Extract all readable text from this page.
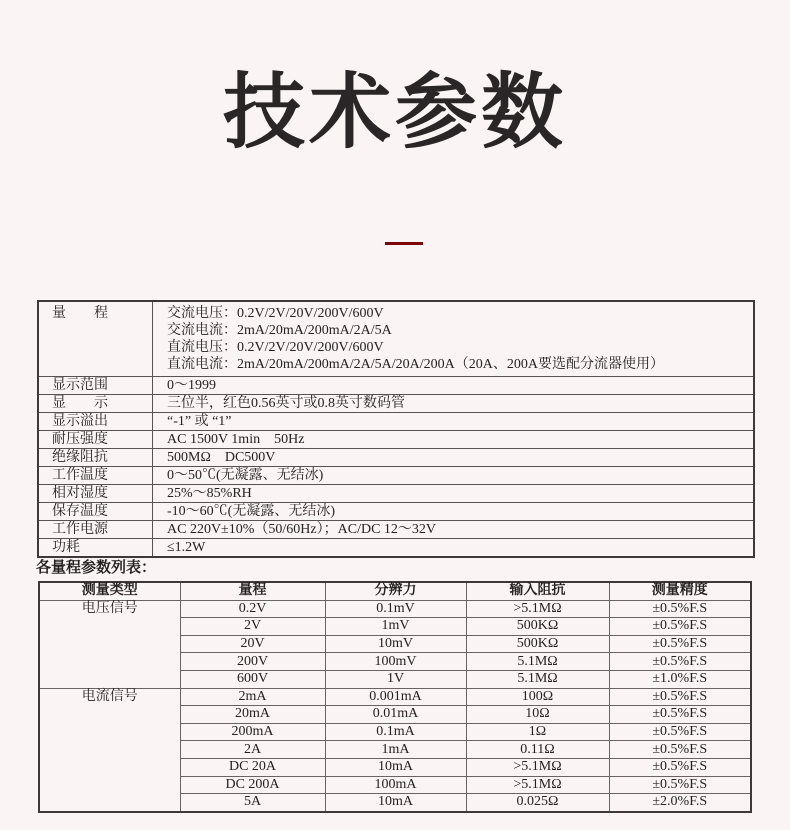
技术参数
量　　程	交流电压：0.2V/2V/20V/200V/600V
交流电流：2mA/20mA/200mA/2A/5A
直流电压：0.2V/2V/20V/200V/600V
直流电流：2mA/20mA/200mA/2A/5A/20A/200A（20A、200A要选配分流器使用）

显示范围	0～1999
显　　示	三位半，红色0.56英寸或0.8英寸数码管
显示溢出	“-1” 或 “1”
耐压强度	AC 1500V 1min　50Hz
绝缘阻抗	500MΩ　DC500V
工作温度	0～50℃(无凝露、无结冰)
相对湿度	25%～85%RH
保存温度	-10～60℃(无凝露、无结冰)
工作电源	AC 220V±10%（50/60Hz）；AC/DC 12～32V
功耗	≤1.2W
各量程参数列表：
测量类型	量程	分辨力	输入阻抗	测量精度
电压信号	0.2V	0.1mV	>5.1MΩ	±0.5%F.S
	2V	1mV	500KΩ	±0.5%F.S
	20V	10mV	500KΩ	±0.5%F.S
	200V	100mV	5.1MΩ	±0.5%F.S
	600V	1V	5.1MΩ	±1.0%F.S
电流信号	2mA	0.001mA	100Ω	±0.5%F.S
	20mA	0.01mA	10Ω	±0.5%F.S
	200mA	0.1mA	1Ω	±0.5%F.S
	2A	1mA	0.11Ω	±0.5%F.S
	DC 20A	10mA	>5.1MΩ	±0.5%F.S
	DC 200A	100mA	>5.1MΩ	±0.5%F.S
	5A	10mA	0.025Ω	±2.0%F.S
